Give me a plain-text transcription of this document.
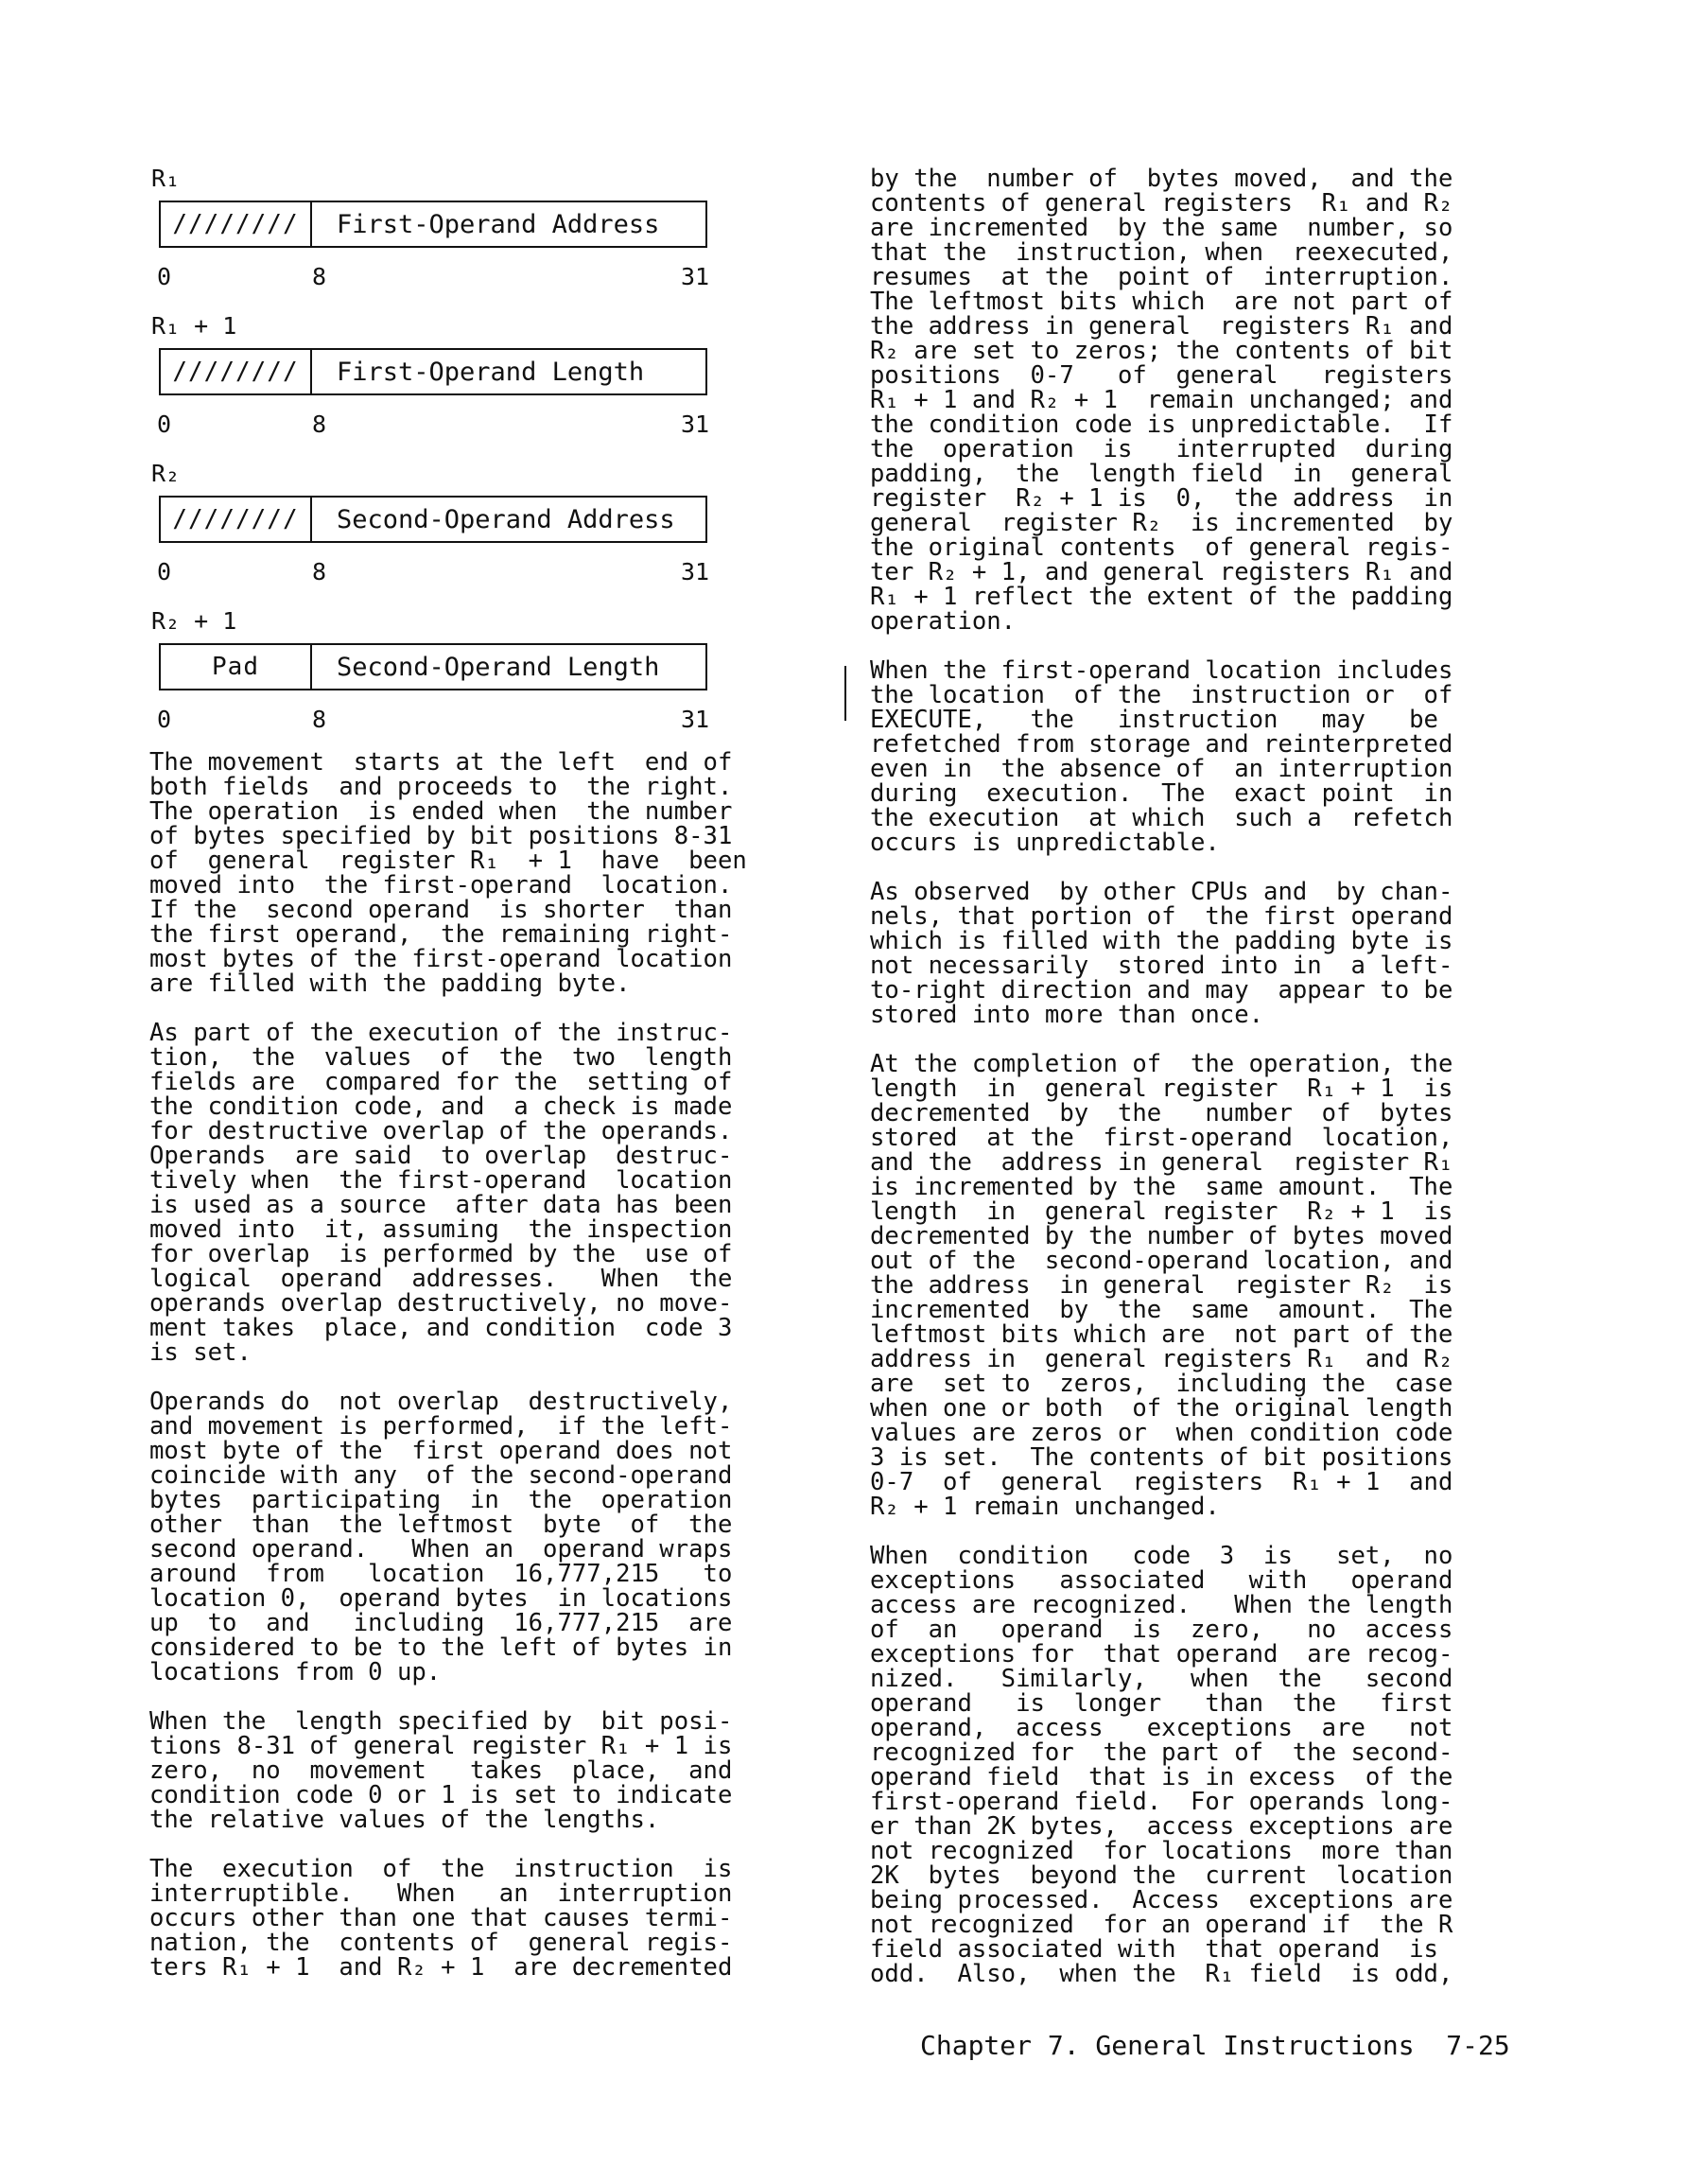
R₁
////////	First-Operand Address
0	8	31
R₁ + 1
////////	First-Operand Length
0	8	31
R₂
////////	Second-Operand Address
0	8	31
R₂ + 1
Pad	Second-Operand Length
0	8	31

The movement  starts at the left  end of
both fields  and proceeds to  the right.
The operation  is ended when  the number
of bytes specified by bit positions 8-31
of  general  register R₁  + 1  have  been
moved into  the first-operand  location.
If the  second operand  is shorter  than
the first operand,  the remaining right-
most bytes of the first-operand location
are filled with the padding byte.

As part of the execution of the instruc-
tion,  the  values  of  the  two  length
fields are  compared for the  setting of
the condition code, and  a check is made
for destructive overlap of the operands.
Operands  are said  to overlap  destruc-
tively when  the first-operand  location
is used as a source  after data has been
moved into  it, assuming  the inspection
for overlap  is performed by the  use of
logical  operand  addresses.   When  the
operands overlap destructively, no move-
ment takes  place, and condition  code 3
is set.

Operands do  not overlap  destructively,
and movement is performed,  if the left-
most byte of the  first operand does not
coincide with any  of the second-operand
bytes  participating  in  the  operation
other  than  the leftmost  byte  of  the
second operand.   When an  operand wraps
around  from   location  16,777,215   to
location 0,  operand bytes  in locations
up  to  and   including  16,777,215  are
considered to be to the left of bytes in
locations from 0 up.

When the  length specified by  bit posi-
tions 8-31 of general register R₁ + 1 is
zero,  no  movement   takes  place,  and
condition code 0 or 1 is set to indicate
the relative values of the lengths.

The  execution  of  the  instruction  is
interruptible.   When   an  interruption
occurs other than one that causes termi-
nation, the  contents of  general regis-
ters R₁ + 1  and R₂ + 1  are decremented

by the  number of  bytes moved,  and the
contents of general registers  R₁ and R₂
are incremented  by the same  number, so
that the  instruction, when  reexecuted,
resumes  at the  point of  interruption.
The leftmost bits which  are not part of
the address in general  registers R₁ and
R₂ are set to zeros; the contents of bit
positions  0-7   of  general   registers
R₁ + 1 and R₂ + 1  remain unchanged; and
the condition code is unpredictable.  If
the  operation  is   interrupted  during
padding,  the  length field  in  general
register  R₂ + 1 is  0,  the address  in
general  register R₂  is incremented  by
the original contents  of general regis-
ter R₂ + 1, and general registers R₁ and
R₁ + 1 reflect the extent of the padding
operation.

When the first-operand location includes
the location  of the  instruction or  of
EXECUTE,   the   instruction   may   be
refetched from storage and reinterpreted
even in  the absence of  an interruption
during  execution.  The  exact point  in
the execution  at which  such a  refetch
occurs is unpredictable.

As observed  by other CPUs and  by chan-
nels, that portion of  the first operand
which is filled with the padding byte is
not necessarily  stored into in  a left-
to-right direction and may  appear to be
stored into more than once.

At the completion of  the operation, the
length  in  general register  R₁ + 1  is
decremented  by  the   number  of  bytes
stored  at the  first-operand  location,
and the  address in general  register R₁
is incremented by the  same amount.  The
length  in  general register  R₂ + 1  is
decremented by the number of bytes moved
out of the  second-operand location, and
the address  in general  register R₂  is
incremented  by  the  same  amount.  The
leftmost bits which are  not part of the
address in  general registers R₁  and R₂
are  set to  zeros,  including the  case
when one or both  of the original length
values are zeros or  when condition code
3 is set.  The contents of bit positions
0-7  of  general  registers  R₁ + 1  and
R₂ + 1 remain unchanged.

When  condition   code  3  is   set,  no
exceptions   associated   with   operand
access are recognized.   When the length
of  an   operand  is  zero,   no  access
exceptions for  that operand  are recog-
nized.   Similarly,   when  the   second
operand   is  longer   than  the   first
operand,  access   exceptions  are   not
recognized for  the part of  the second-
operand field  that is in excess  of the
first-operand field.  For operands long-
er than 2K bytes,  access exceptions are
not recognized  for locations  more than
2K  bytes  beyond the  current  location
being processed.  Access  exceptions are
not recognized  for an operand if  the R
field associated with  that operand  is
odd.  Also,  when the  R₁ field  is odd,

Chapter 7. General Instructions  7-25
